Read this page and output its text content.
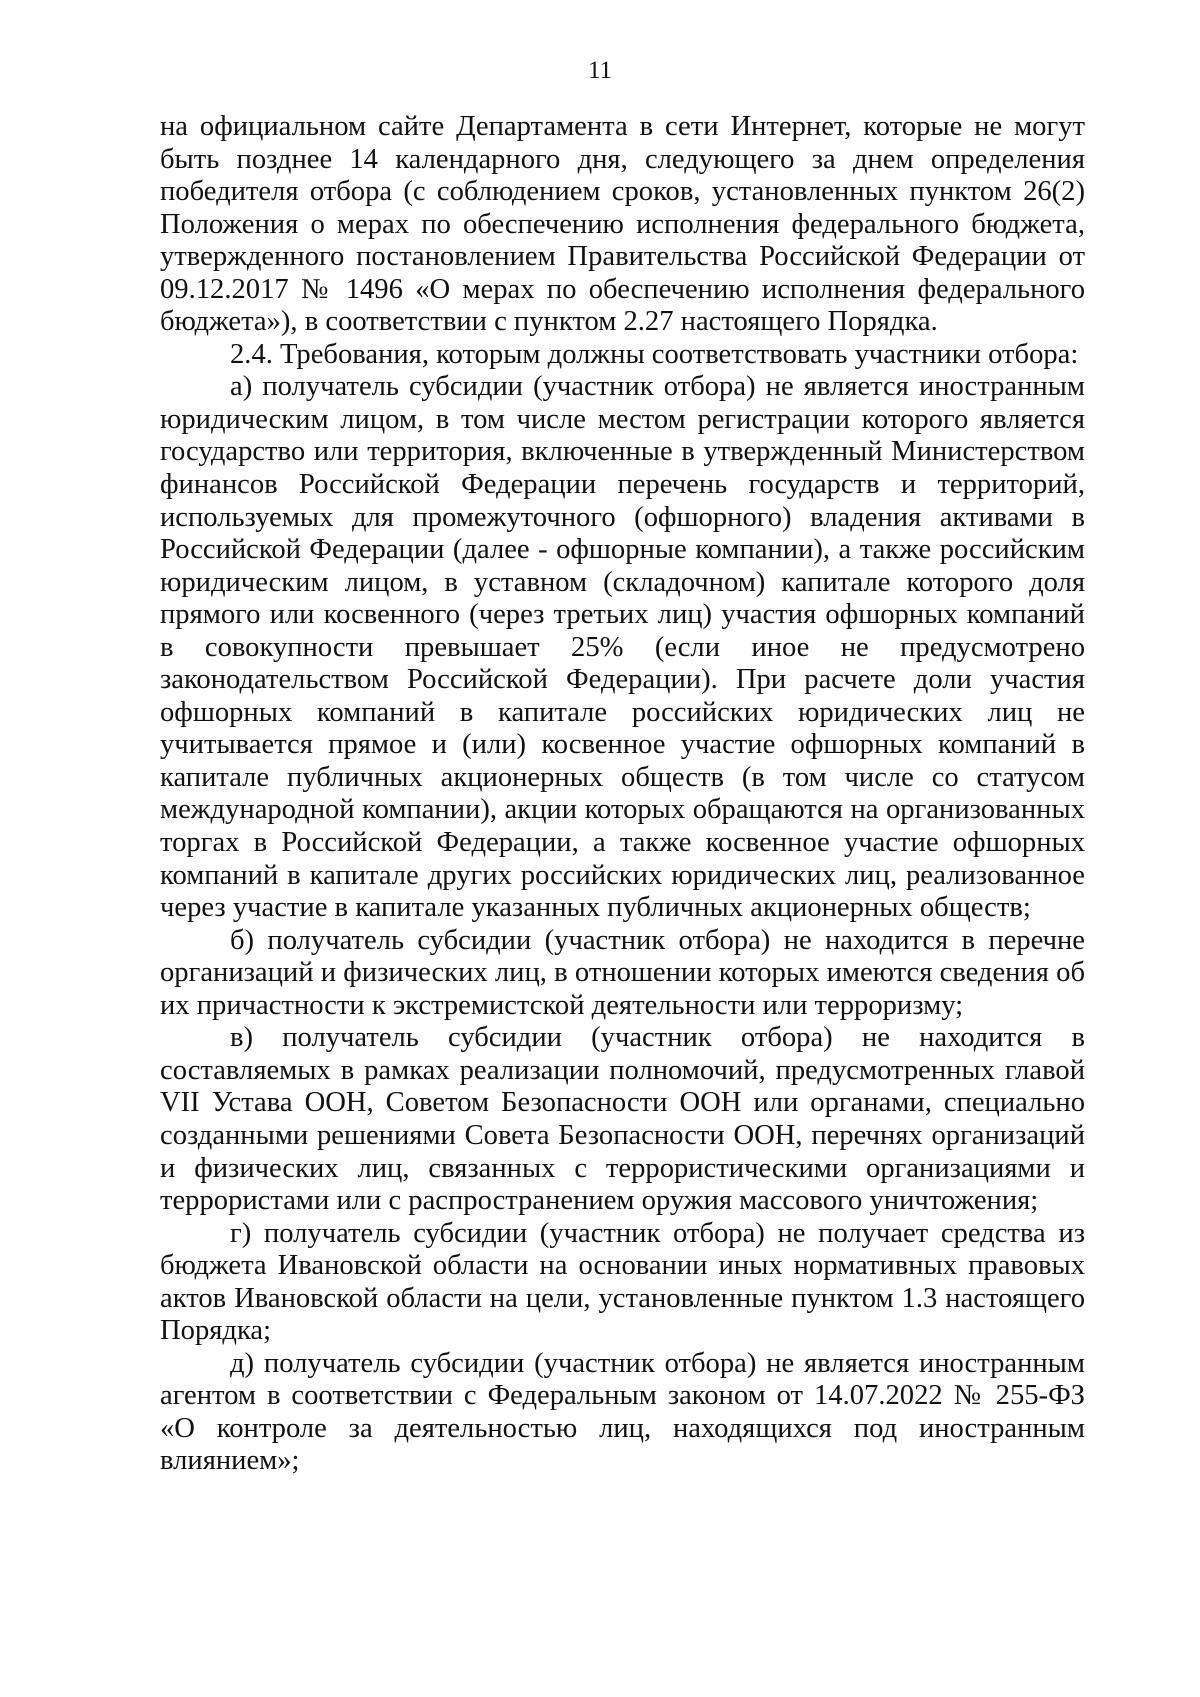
11

на официальном сайте Департамента в сети Интернет, которые не могут быть позднее 14 календарного дня, следующего за днем определения победителя отбора (с соблюдением сроков, установленных пунктом 26(2) Положения о мерах по обеспечению исполнения федерального бюджета, утвержденного постановлением Правительства Российской Федерации от 09.12.2017 № 1496 «О мерах по обеспечению исполнения федерального бюджета»), в соответствии с пунктом 2.27 настоящего Порядка.

2.4. Требования, которым должны соответствовать участники отбора:

а) получатель субсидии (участник отбора) не является иностранным юридическим лицом, в том числе местом регистрации которого является государство или территория, включенные в утвержденный Министерством финансов Российской Федерации перечень государств и территорий, используемых для промежуточного (офшорного) владения активами в Российской Федерации (далее - офшорные компании), а также российским юридическим лицом, в уставном (складочном) капитале которого доля прямого или косвенного (через третьих лиц) участия офшорных компаний в совокупности превышает 25% (если иное не предусмотрено законодательством Российской Федерации). При расчете доли участия офшорных компаний в капитале российских юридических лиц не учитывается прямое и (или) косвенное участие офшорных компаний в капитале публичных акционерных обществ (в том числе со статусом международной компании), акции которых обращаются на организованных торгах в Российской Федерации, а также косвенное участие офшорных компаний в капитале других российских юридических лиц, реализованное через участие в капитале указанных публичных акционерных обществ;

б) получатель субсидии (участник отбора) не находится в перечне организаций и физических лиц, в отношении которых имеются сведения об их причастности к экстремистской деятельности или терроризму;

в) получатель субсидии (участник отбора) не находится в составляемых в рамках реализации полномочий, предусмотренных главой VII Устава ООН, Советом Безопасности ООН или органами, специально созданными решениями Совета Безопасности ООН, перечнях организаций и физических лиц, связанных с террористическими организациями и террористами или с распространением оружия массового уничтожения;

г) получатель субсидии (участник отбора) не получает средства из бюджета Ивановской области на основании иных нормативных правовых актов Ивановской области на цели, установленные пунктом 1.3 настоящего Порядка;

д) получатель субсидии (участник отбора) не является иностранным агентом в соответствии с Федеральным законом от 14.07.2022 № 255-ФЗ «О контроле за деятельностью лиц, находящихся под иностранным влиянием»;
